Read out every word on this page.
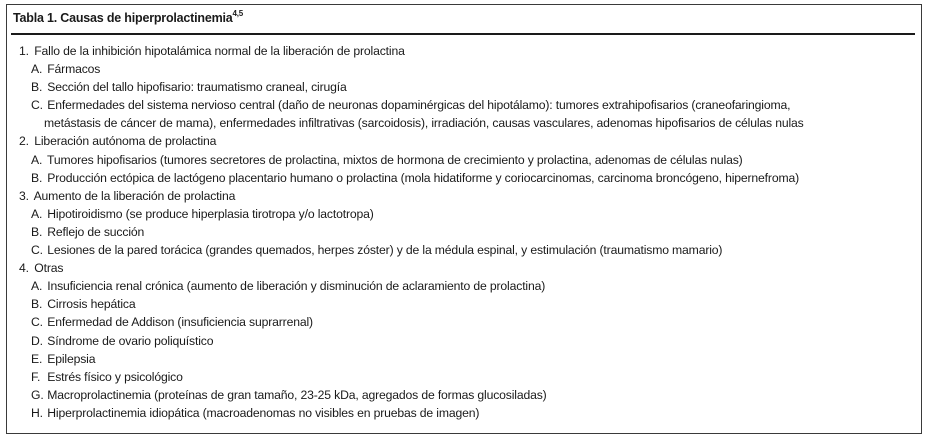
Tabla 1. Causas de hiperprolactinemia$^{4,5}$
1. Fallo de la inhibición hipotalámica normal de la liberación de prolactina
A. Fármacos
B. Sección del tallo hipofisario: traumatismo craneal, cirugía
C. Enfermedades del sistema nervioso central (daño de neuronas dopaminérgicas del hipotálamo): tumores extrahipofisarios (craneofaringioma,
metástasis de cáncer de mama), enfermedades infiltrativas (sarcoidosis), irradiación, causas vasculares, adenomas hipofisarios de células nulas
2. Liberación autónoma de prolactina
A. Tumores hipofisarios (tumores secretores de prolactina, mixtos de hormona de crecimiento y prolactina, adenomas de células nulas)
B. Producción ectópica de lactógeno placentario humano o prolactina (mola hidatiforme y coriocarcinomas, carcinoma broncógeno, hipernefroma)
3. Aumento de la liberación de prolactina
A. Hipotiroidismo (se produce hiperplasia tirotropa y/o lactotropa)
B. Reflejo de succión
C. Lesiones de la pared torácica (grandes quemados, herpes zóster) y de la médula espinal, y estimulación (traumatismo mamario)
4. Otras
A. Insuficiencia renal crónica (aumento de liberación y disminución de aclaramiento de prolactina)
B. Cirrosis hepática
C. Enfermedad de Addison (insuficiencia suprarrenal)
D. Síndrome de ovario poliquístico
E. Epilepsia
F. Estrés físico y psicológico
G. Macroprolactinemia (proteínas de gran tamaño, 23-25 kDa, agregados de formas glucosiladas)
H. Hiperprolactinemia idiopática (macroadenomas no visibles en pruebas de imagen)
